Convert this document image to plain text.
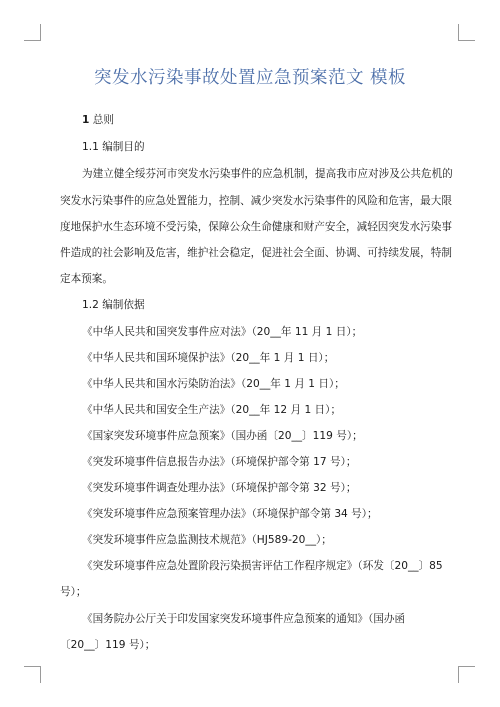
突发水污染事故处置应急预案范文 模板
1 总则
1.1 编制目的
为建立健全绥芬河市突发水污染事件的应急机制，提高我市应对涉及公共危机的
突发水污染事件的应急处置能力，控制、减少突发水污染事件的风险和危害，最大限
度地保护水生态环境不受污染，保障公众生命健康和财产安全，减轻因突发水污染事
件造成的社会影响及危害，维护社会稳定，促进社会全面、协调、可持续发展，特制
定本预案。
1.2 编制依据
《中华人民共和国突发事件应对法》（20__年 11 月 1 日）；
《中华人民共和国环境保护法》（20__年 1 月 1 日）；
《中华人民共和国水污染防治法》（20__年 1 月 1 日）；
《中华人民共和国安全生产法》（20__年 12 月 1 日）；
《国家突发环境事件应急预案》（国办函〔20__〕119 号）；
《突发环境事件信息报告办法》（环境保护部令第 17 号）；
《突发环境事件调查处理办法》（环境保护部令第 32 号）；
《突发环境事件应急预案管理办法》（环境保护部令第 34 号）；
《突发环境事件应急监测技术规范》（HJ589-20__）；
《突发环境事件应急处置阶段污染损害评估工作程序规定》（环发〔20__〕85
号）；
《国务院办公厅关于印发国家突发环境事件应急预案的通知》（国办函
〔20__〕119 号）；
